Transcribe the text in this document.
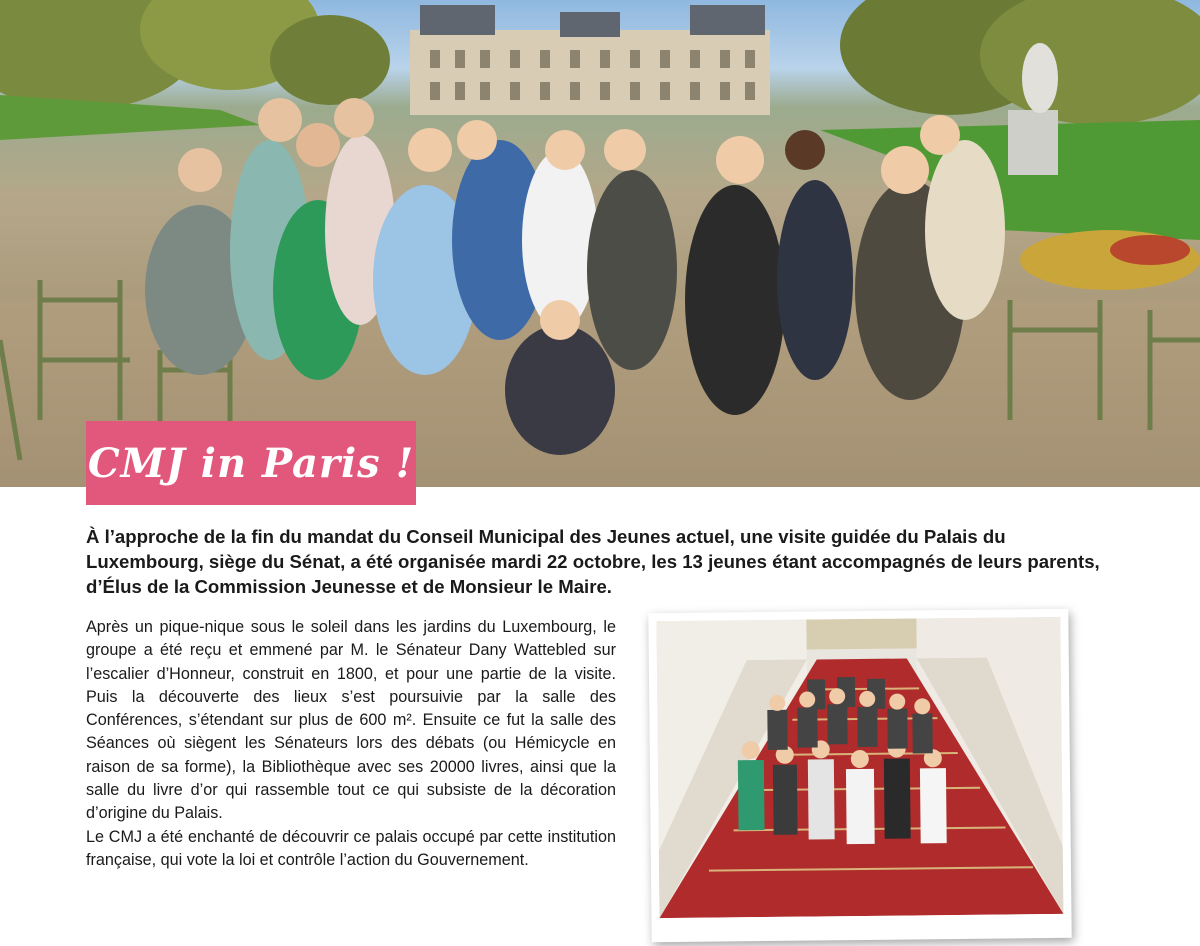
CMJ in Paris !

À l’approche de la fin du mandat du Conseil Municipal des Jeunes actuel, une visite guidée du Palais du Luxembourg, siège du Sénat, a été organisée mardi 22 octobre, les 13 jeunes étant accompagnés de leurs parents, d’Élus de la Commission Jeunesse et de Monsieur le Maire.

Après un pique-nique sous le soleil dans les jardins du Luxembourg, le groupe a été reçu et emmené par M. le Sénateur Dany Wattebled sur l’escalier d’Honneur, construit en 1800, et pour une partie de la visite. Puis la découverte des lieux s’est poursuivie par la salle des Conférences, s’étendant sur plus de 600 m². Ensuite ce fut la salle des Séances où siègent les Sénateurs lors des débats (ou Hémicycle en raison de sa forme), la Bibliothèque avec ses 20000 livres, ainsi que la salle du livre d’or qui rassemble tout ce qui subsiste de la décoration d’origine du Palais.

Le CMJ a été enchanté de découvrir ce palais occupé par cette institution française, qui vote la loi et contrôle l’action du Gouvernement.
